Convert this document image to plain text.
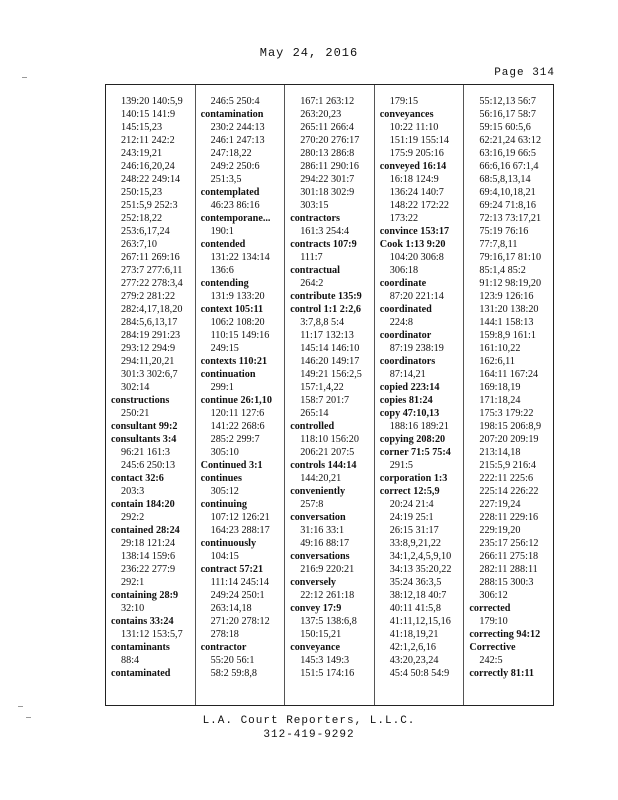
May 24, 2016
Page 314
139:20 140:5,9
140:15 141:9
145:15,23
212:11 242:2
243:19,21
246:16,20,24
248:22 249:14
250:15,23
251:5,9 252:3
252:18,22
253:6,17,24
263:7,10
267:11 269:16
273:7 277:6,11
277:22 278:3,4
279:2 281:22
282:4,17,18,20
284:5,6,13,17
284:19 291:23
293:12 294:9
294:11,20,21
301:3 302:6,7
302:14
constructions
250:21
consultant 99:2
consultants 3:4
96:21 161:3
245:6 250:13
contact 32:6
203:3
contain 184:20
292:2
contained 28:24
29:18 121:24
138:14 159:6
236:22 277:9
292:1
containing 28:9
32:10
contains 33:24
131:12 153:5,7
contaminants
88:4
contaminated
246:5 250:4
contamination
230:2 244:13
246:1 247:13
247:18,22
249:2 250:6
251:3,5
contemplated
46:23 86:16
contemporane...
190:1
contended
131:22 134:14
136:6
contending
131:9 133:20
context 105:11
106:2 108:20
110:15 149:16
249:15
contexts 110:21
continuation
299:1
continue 26:1,10
120:11 127:6
141:22 268:6
285:2 299:7
305:10
Continued 3:1
continues
305:12
continuing
107:12 126:21
164:23 288:17
continuously
104:15
contract 57:21
111:14 245:14
249:24 250:1
263:14,18
271:20 278:12
278:18
contractor
55:20 56:1
58:2 59:8,8
167:1 263:12
263:20,23
265:11 266:4
270:20 276:17
280:13 286:8
286:11 290:16
294:22 301:7
301:18 302:9
303:15
contractors
161:3 254:4
contracts 107:9
111:7
contractual
264:2
contribute 135:9
control 1:1 2:2,6
3:7,8,8 5:4
11:17 132:13
145:14 146:10
146:20 149:17
149:21 156:2,5
157:1,4,22
158:7 201:7
265:14
controlled
118:10 156:20
206:21 207:5
controls 144:14
144:20,21
conveniently
257:8
conversation
31:16 33:1
49:16 88:17
conversations
216:9 220:21
conversely
22:12 261:18
convey 17:9
137:5 138:6,8
150:15,21
conveyance
145:3 149:3
151:5 174:16
179:15
conveyances
10:22 11:10
151:19 155:14
175:9 205:16
conveyed 16:14
16:18 124:9
136:24 140:7
148:22 172:22
173:22
convince 153:17
Cook 1:13 9:20
104:20 306:8
306:18
coordinate
87:20 221:14
coordinated
224:8
coordinator
87:19 238:19
coordinators
87:14,21
copied 223:14
copies 81:24
copy 47:10,13
188:16 189:21
copying 208:20
corner 71:5 75:4
291:5
corporation 1:3
correct 12:5,9
20:24 21:4
24:19 25:1
26:15 31:17
33:8,9,21,22
34:1,2,4,5,9,10
34:13 35:20,22
35:24 36:3,5
38:12,18 40:7
40:11 41:5,8
41:11,12,15,16
41:18,19,21
42:1,2,6,16
43:20,23,24
45:4 50:8 54:9
55:12,13 56:7
56:16,17 58:7
59:15 60:5,6
62:21,24 63:12
63:16,19 66:5
66:6,16 67:1,4
68:5,8,13,14
69:4,10,18,21
69:24 71:8,16
72:13 73:17,21
75:19 76:16
77:7,8,11
79:16,17 81:10
85:1,4 85:2
91:12 98:19,20
123:9 126:16
131:20 138:20
144:1 158:13
159:8,9 161:1
161:10,22
162:6,11
164:11 167:24
169:18,19
171:18,24
175:3 179:22
198:15 206:8,9
207:20 209:19
213:14,18
215:5,9 216:4
222:11 225:6
225:14 226:22
227:19,24
228:11 229:16
229:19,20
235:17 256:12
266:11 275:18
282:11 288:11
288:15 300:3
306:12
corrected
179:10
correcting 94:12
Corrective
242:5
correctly 81:11
L.A. Court Reporters, L.L.C.
312-419-9292
